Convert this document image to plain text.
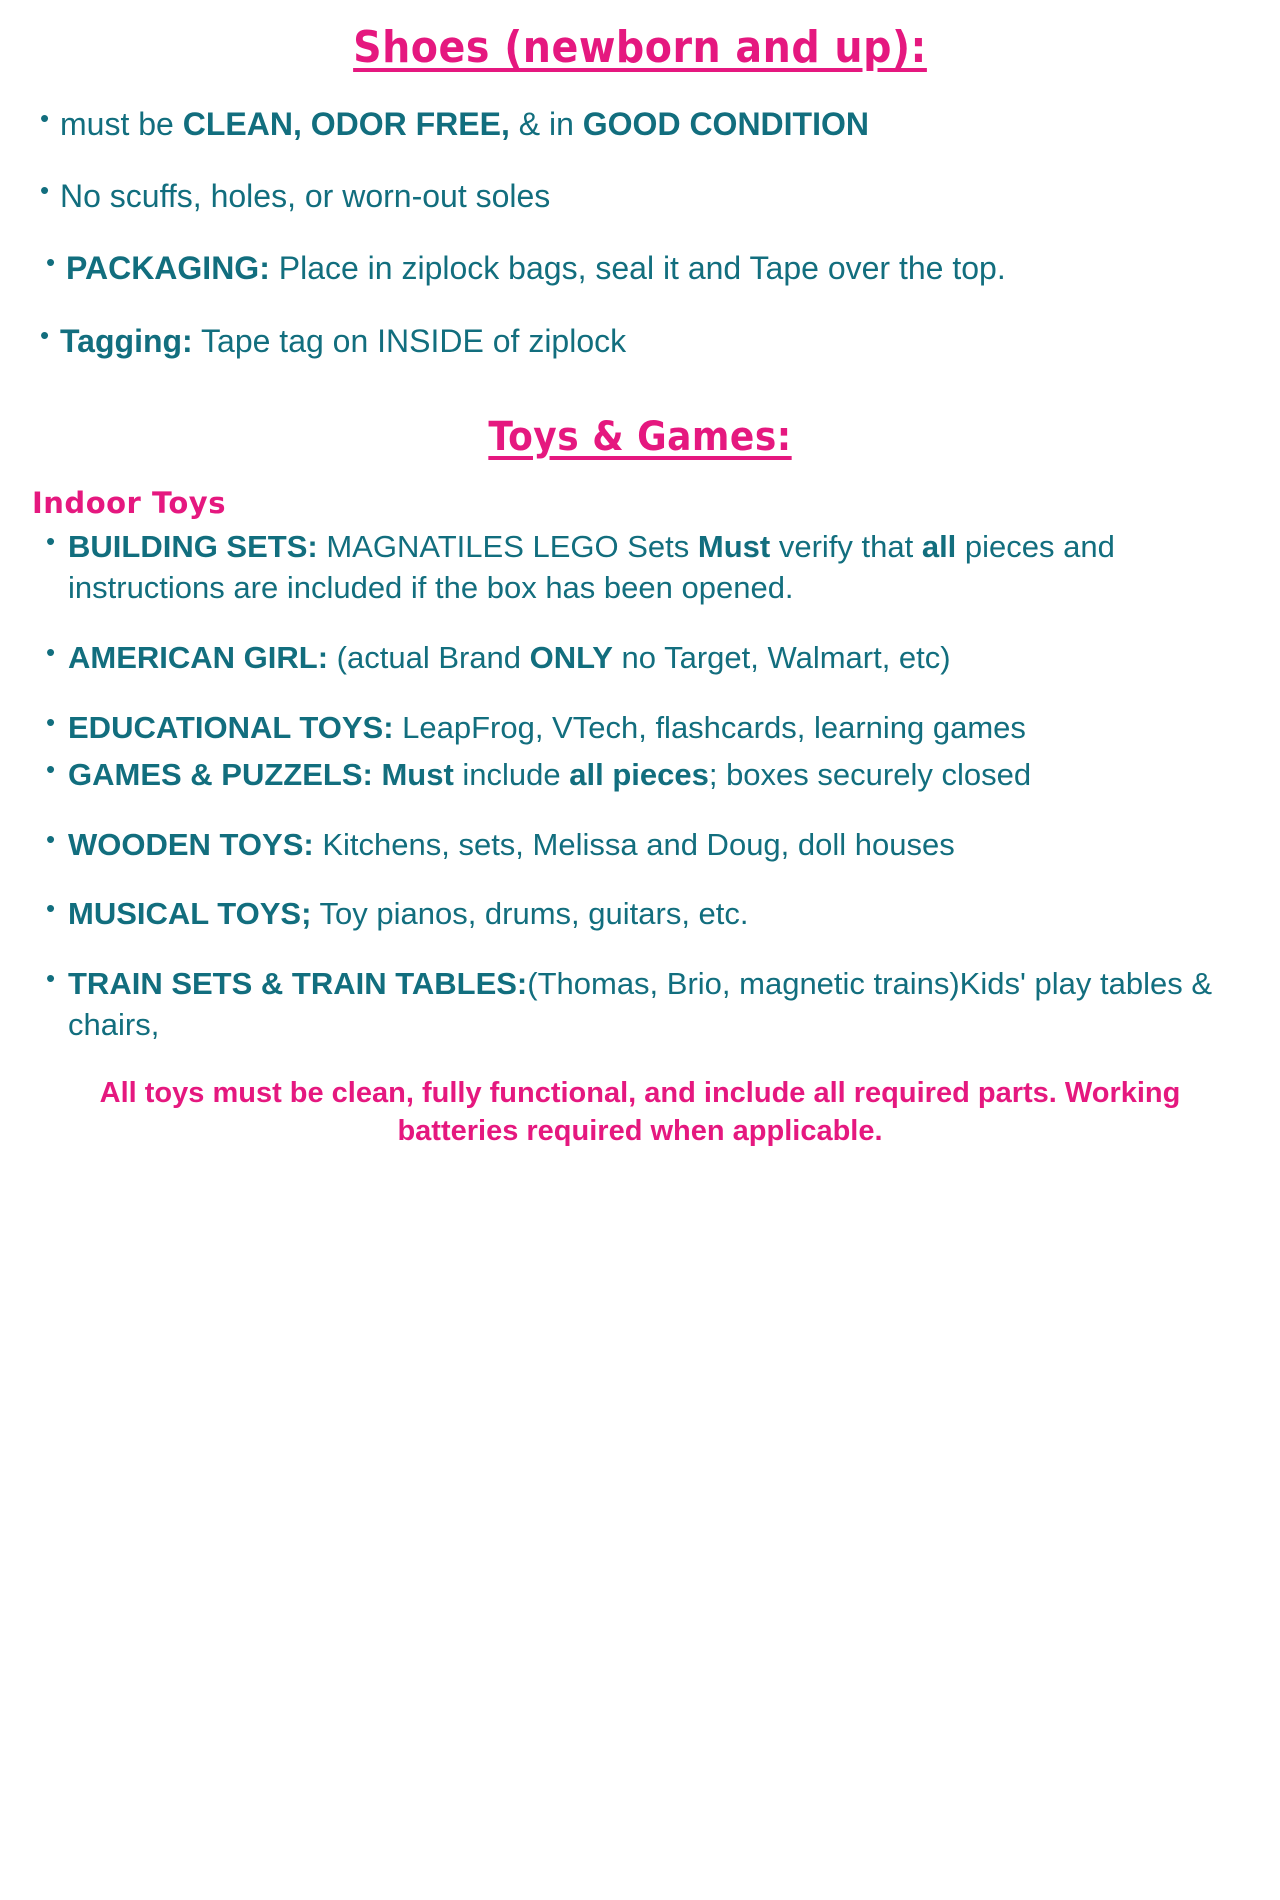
Shoes (newborn and up):
• must be CLEAN, ODOR FREE, & in GOOD CONDITION
• No scuffs, holes, or worn-out soles
• PACKAGING: Place in ziplock bags, seal it and Tape over the top.
• Tagging: Tape tag on INSIDE of ziplock
Toys & Games:
Indoor Toys
• BUILDING SETS: MAGNATILES LEGO Sets Must verify that all pieces and instructions are included if the box has been opened.
• AMERICAN GIRL: (actual Brand ONLY no Target, Walmart, etc)
• EDUCATIONAL TOYS: LeapFrog, VTech, flashcards, learning games
• GAMES & PUZZELS: Must include all pieces; boxes securely closed
• WOODEN TOYS: Kitchens, sets, Melissa and Doug, doll houses
• MUSICAL TOYS; Toy pianos, drums, guitars, etc.
• TRAIN SETS & TRAIN TABLES:(Thomas, Brio, magnetic trains)Kids' play tables & chairs,

All toys must be clean, fully functional, and include all required parts. Working batteries required when applicable.
